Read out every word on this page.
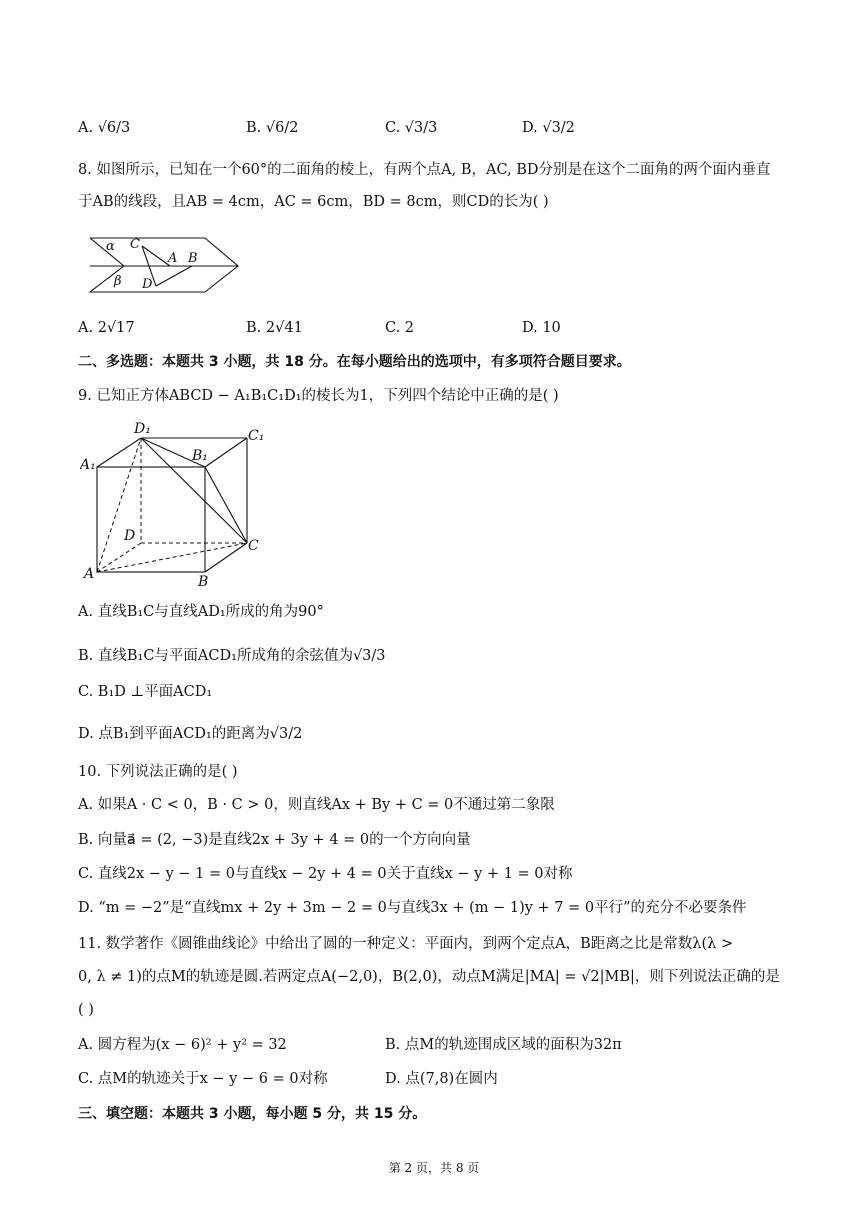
A. √6/3	B. √6/2	C. √3/3	D. √3/2
8. 如图所示，已知在一个60°的二面角的棱上，有两个点A, B，AC, BD分别是在这个二面角的两个面内垂直
于AB的线段，且AB = 4cm，AC = 6cm，BD = 8cm，则CD的长为( )
α C
A B
β D
A. 2√17	B. 2√41	C. 2	D. 10
二、多选题：本题共 3 小题，共 18 分。在每小题给出的选项中，有多项符合题目要求。
9. 已知正方体ABCD − A₁B₁C₁D₁的棱长为1，下列四个结论中正确的是( )
D₁	C₁
A₁
B₁
D
C
A	B
A. 直线B₁C与直线AD₁所成的角为90°
B. 直线B₁C与平面ACD₁所成角的余弦值为√3/3
C. B₁D ⊥平面ACD₁
D. 点B₁到平面ACD₁的距离为√3/2
10. 下列说法正确的是( )
A. 如果A · C < 0，B · C > 0，则直线Ax + By + C = 0不通过第二象限
B. 向量a⃗ = (2, −3)是直线2x + 3y + 4 = 0的一个方向向量
C. 直线2x − y − 1 = 0与直线x − 2y + 4 = 0关于直线x − y + 1 = 0对称
D. “m = −2”是“直线mx + 2y + 3m − 2 = 0与直线3x + (m − 1)y + 7 = 0平行”的充分不必要条件
11. 数学著作《圆锥曲线论》中给出了圆的一种定义：平面内，到两个定点A，B距离之比是常数λ(λ >
0, λ ≠ 1)的点M的轨迹是圆.若两定点A(−2,0)，B(2,0)，动点M满足|MA| = √2|MB|，则下列说法正确的是
( )
A. 圆方程为(x − 6)² + y² = 32	B. 点M的轨迹围成区域的面积为32π
C. 点M的轨迹关于x − y − 6 = 0对称	D. 点(7,8)在圆内
三、填空题：本题共 3 小题，每小题 5 分，共 15 分。
第 2 页，共 8 页
